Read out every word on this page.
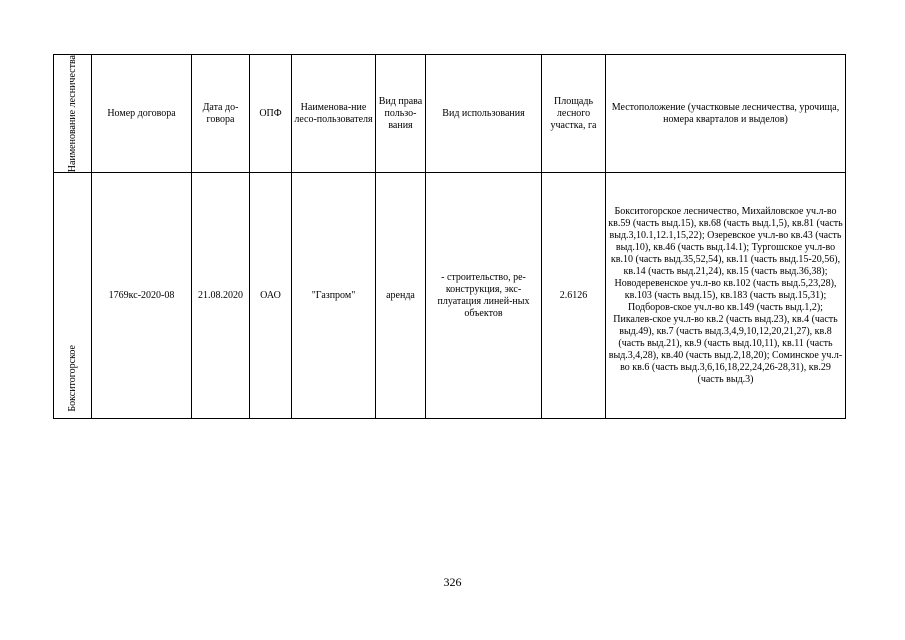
Наименование лесничества	Номер договора	Дата до-говора	ОПФ	Наименова-ние лесо-пользователя	Вид права пользо-вания	Вид использования	Площадь лесного участка, га	Местоположение (участковые лесничества, урочища, номера кварталов и выделов)

Бокситогорское	1769кс-2020-08	21.08.2020	ОАО	"Газпром"	аренда	- строительство, ре-конструкция, экс-плуатация линей-ных объектов	2.6126	Бокситогорское лесничество, Михайловское уч.л-во кв.59 (часть выд.15), кв.68 (часть выд.1,5), кв.81 (часть выд.3,10.1,12.1,15,22); Озеревское уч.л-во кв.43 (часть выд.10), кв.46 (часть выд.14.1); Тургошское уч.л-во кв.10 (часть выд.35,52,54), кв.11 (часть выд.15-20,56), кв.14 (часть выд.21,24), кв.15 (часть выд.36,38); Новодеревенское уч.л-во кв.102 (часть выд.5,23,28), кв.103 (часть выд.15), кв.183 (часть выд.15,31); Подборов-ское уч.л-во кв.149 (часть выд.1,2); Пикалев-ское уч.л-во кв.2 (часть выд.23), кв.4 (часть выд.49), кв.7 (часть выд.3,4,9,10,12,20,21,27), кв.8 (часть выд.21), кв.9 (часть выд.10,11), кв.11 (часть выд.3,4,28), кв.40 (часть выд.2,18,20); Соминское уч.л-во кв.6 (часть выд.3,6,16,18,22,24,26-28,31), кв.29 (часть выд.3)
326
